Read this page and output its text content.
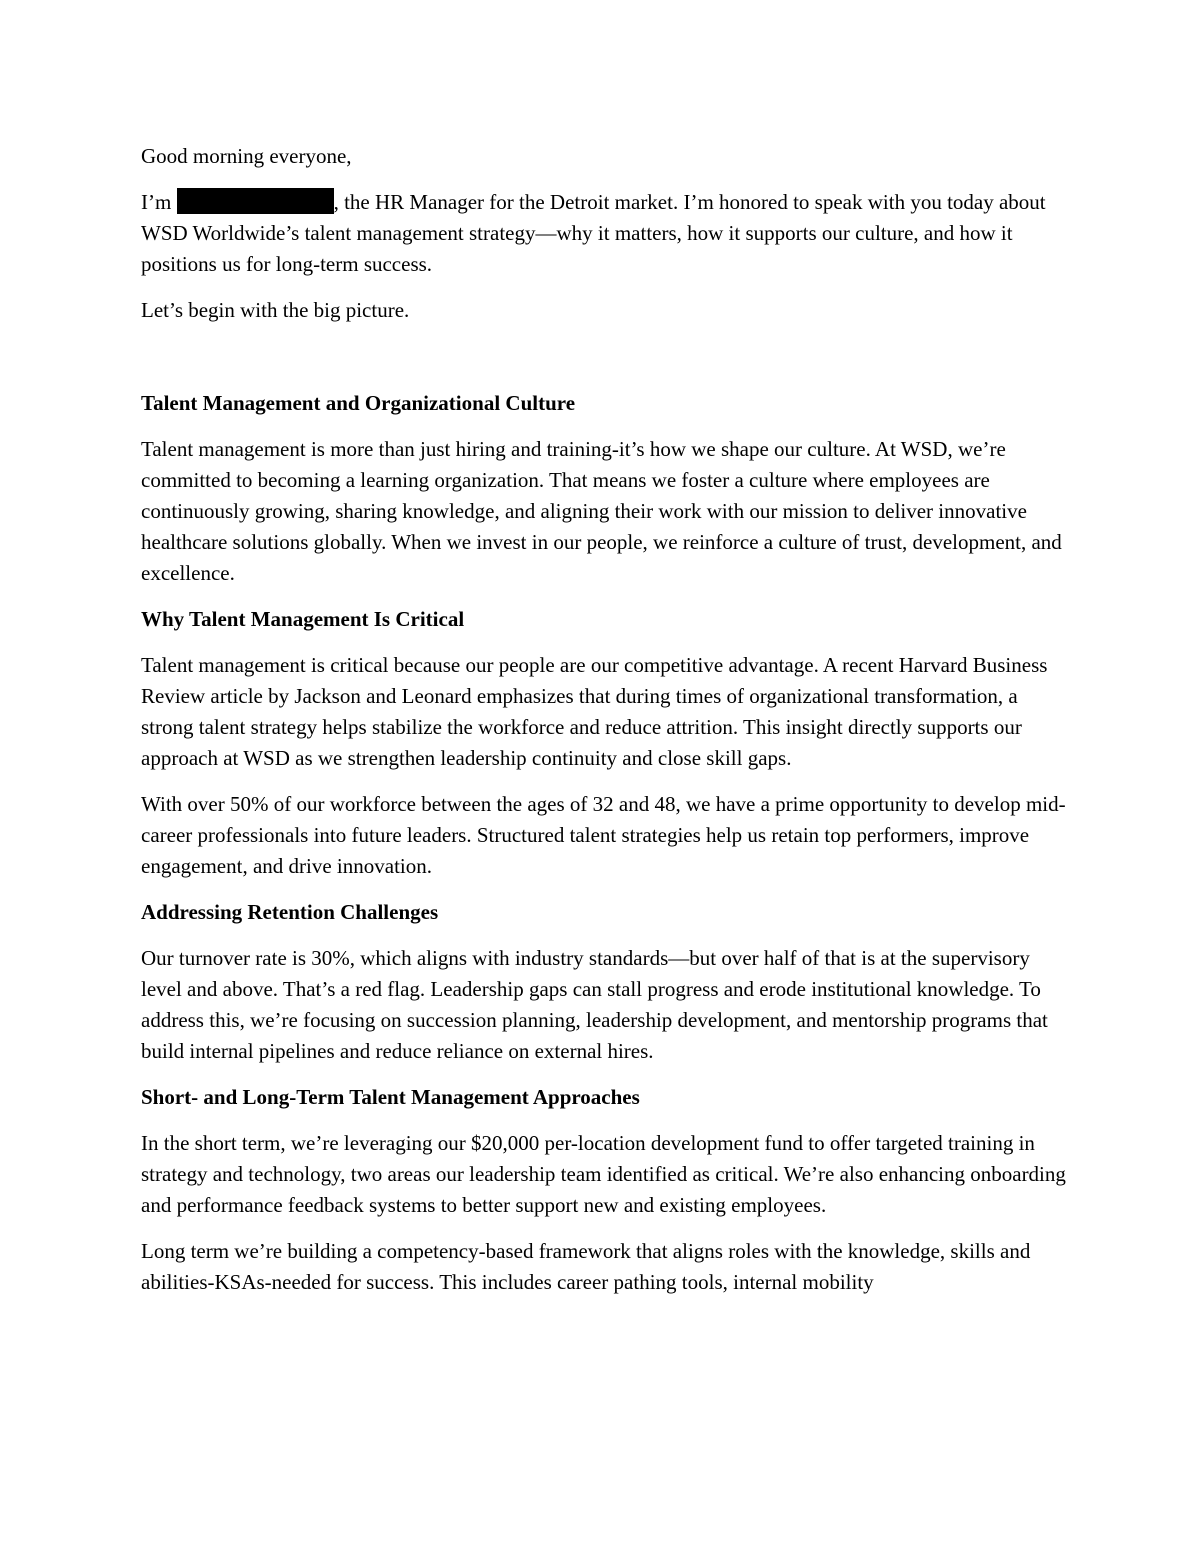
Good morning everyone,

I’m	, the HR Manager for the Detroit market. I’m honored to speak with you today about WSD Worldwide’s talent management strategy—why it matters, how it supports our culture, and how it positions us for long-term success.

Let’s begin with the big picture.

Talent Management and Organizational Culture

Talent management is more than just hiring and training-it’s how we shape our culture. At WSD, we’re committed to becoming a learning organization. That means we foster a culture where employees are continuously growing, sharing knowledge, and aligning their work with our mission to deliver innovative healthcare solutions globally. When we invest in our people, we reinforce a culture of trust, development, and excellence.

Why Talent Management Is Critical

Talent management is critical because our people are our competitive advantage. A recent Harvard Business Review article by Jackson and Leonard emphasizes that during times of organizational transformation, a strong talent strategy helps stabilize the workforce and reduce attrition. This insight directly supports our approach at WSD as we strengthen leadership continuity and close skill gaps.

With over 50% of our workforce between the ages of 32 and 48, we have a prime opportunity to develop mid-career professionals into future leaders. Structured talent strategies help us retain top performers, improve engagement, and drive innovation.

Addressing Retention Challenges

Our turnover rate is 30%, which aligns with industry standards—but over half of that is at the supervisory level and above. That’s a red flag. Leadership gaps can stall progress and erode institutional knowledge. To address this, we’re focusing on succession planning, leadership development, and mentorship programs that build internal pipelines and reduce reliance on external hires.

Short- and Long-Term Talent Management Approaches

In the short term, we’re leveraging our $20,000 per-location development fund to offer targeted training in strategy and technology, two areas our leadership team identified as critical. We’re also enhancing onboarding and performance feedback systems to better support new and existing employees.

Long term we’re building a competency-based framework that aligns roles with the knowledge, skills and abilities-KSAs-needed for success. This includes career pathing tools, internal mobility
